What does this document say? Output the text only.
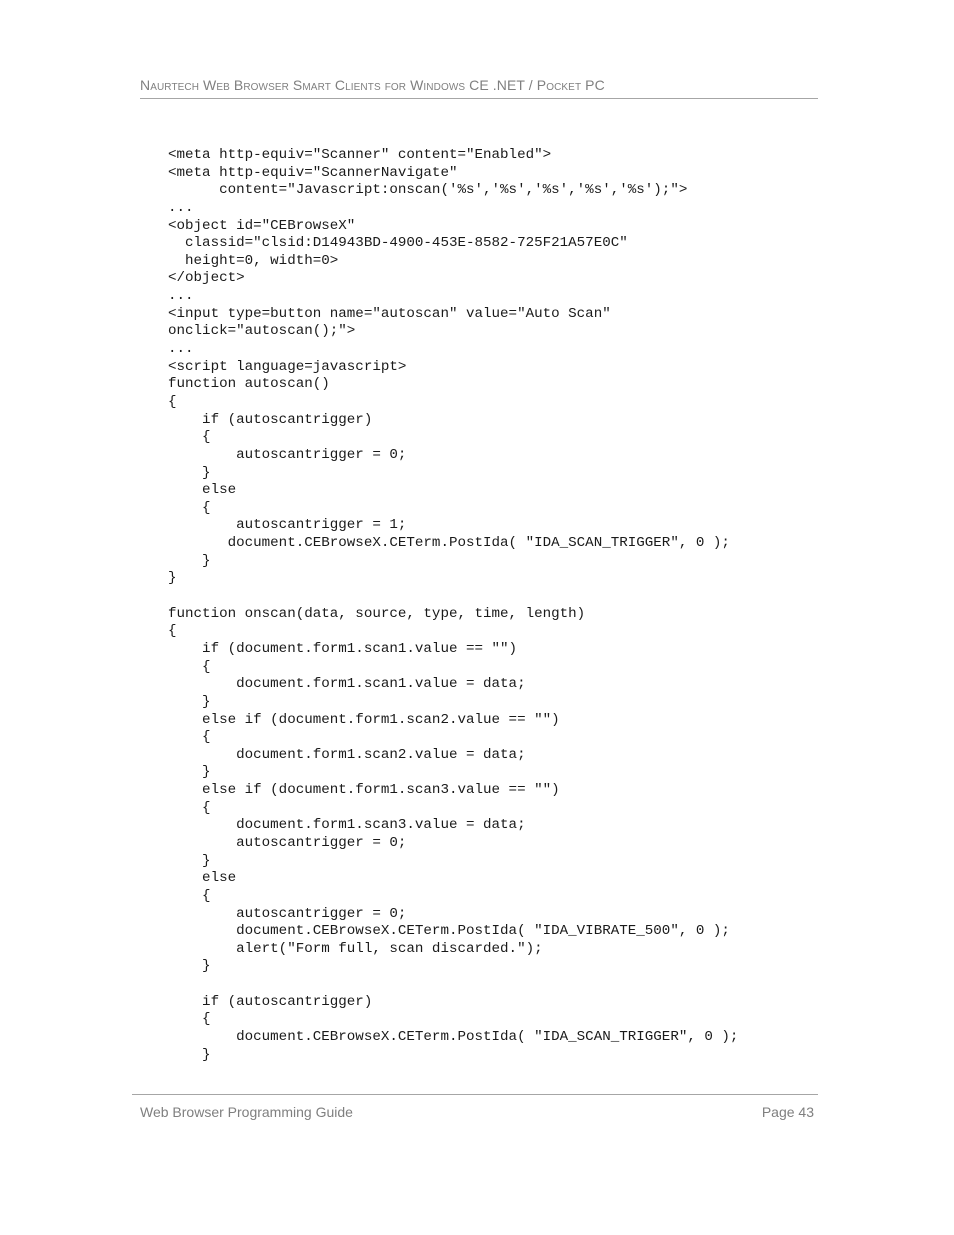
Naurtech Web Browser Smart Clients for Windows CE .NET / Pocket PC
<meta http-equiv="Scanner" content="Enabled">
<meta http-equiv="ScannerNavigate"
content="Javascript:onscan('%s','%s','%s','%s','%s');">
...
<object id="CEBrowseX"
classid="clsid:D14943BD-4900-453E-8582-725F21A57E0C"
height=0, width=0>
</object>
...
<input type=button name="autoscan" value="Auto Scan"
onclick="autoscan();">
...
<script language=javascript>
function autoscan()
{
if (autoscantrigger)
{
autoscantrigger = 0;
}
else
{
autoscantrigger = 1;
document.CEBrowseX.CETerm.PostIda( "IDA_SCAN_TRIGGER", 0 );
}
}
function onscan(data, source, type, time, length)
{
if (document.form1.scan1.value == "")
{
document.form1.scan1.value = data;
}
else if (document.form1.scan2.value == "")
{
document.form1.scan2.value = data;
}
else if (document.form1.scan3.value == "")
{
document.form1.scan3.value = data;
autoscantrigger = 0;
}
else
{
autoscantrigger = 0;
document.CEBrowseX.CETerm.PostIda( "IDA_VIBRATE_500", 0 );
alert("Form full, scan discarded.");
}
if (autoscantrigger)
{
document.CEBrowseX.CETerm.PostIda( "IDA_SCAN_TRIGGER", 0 );
}
Web Browser Programming Guide	Page 43
